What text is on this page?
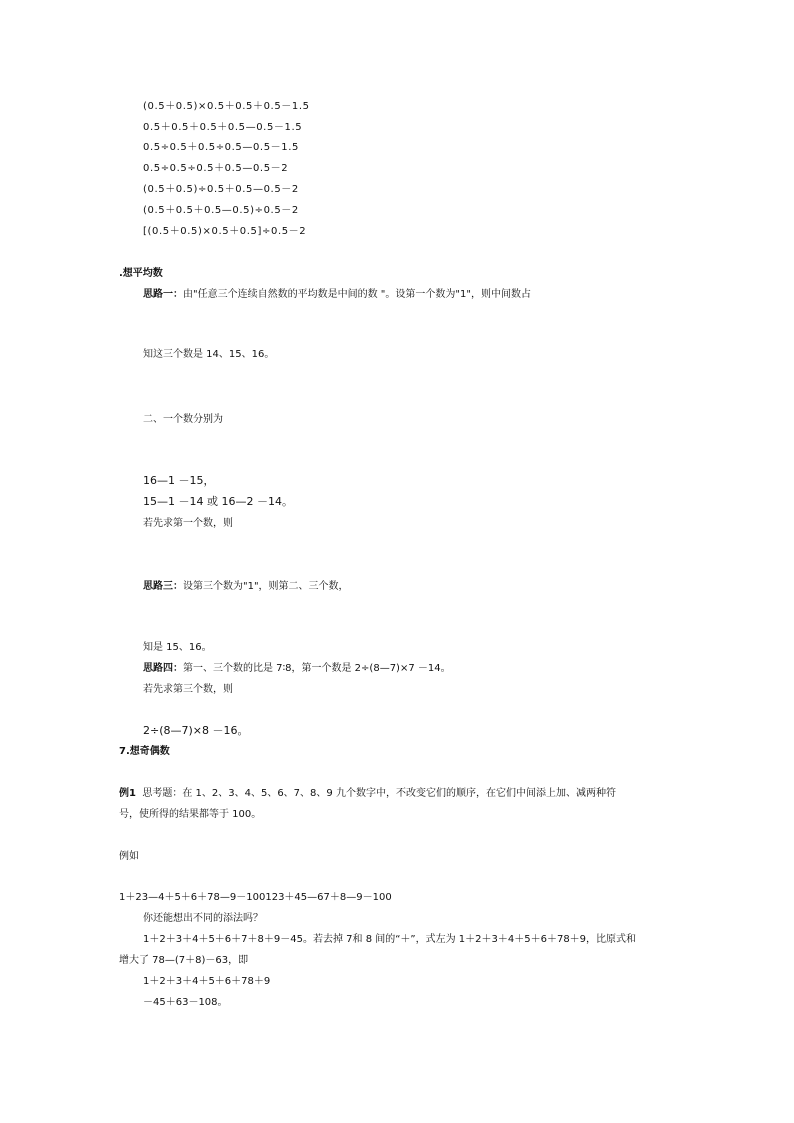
(0.5＋0.5)×0.5＋0.5＋0.5－1.5
0.5＋0.5＋0.5＋0.5—0.5－1.5
0.5÷0.5＋0.5÷0.5—0.5－1.5
0.5÷0.5÷0.5＋0.5—0.5－2
(0.5＋0.5)÷0.5＋0.5—0.5－2
(0.5＋0.5＋0.5—0.5)÷0.5－2
[(0.5＋0.5)×0.5＋0.5]÷0.5－2
.想平均数
思路一：由"任意三个连续自然数的平均数是中间的数 "。设第一个数为"1"，则中间数占
知这三个数是 14、15、16。
二、一个数分别为
16—1 －15，
15—1 －14 或 16—2 －14。
若先求第一个数，则
思路三：设第三个数为"1"，则第二、三个数，
知是 15、16。
思路四：第一、三个数的比是 7∶8，第一个数是 2÷(8—7)×7 －14。
若先求第三个数，则
2÷(8—7)×8 －16。
7.想奇偶数
例1 思考题：在 1、2、3、4、5、6、7、8、9 九个数字中，不改变它们的顺序，在它们中间添上加、减两种符
号，使所得的结果都等于 100。
例如
1＋23—4＋5＋6＋78—9－100123＋45—67＋8—9－100
你还能想出不同的添法吗？
1＋2＋3＋4＋5＋6＋7＋8＋9－45。若去掉 7和 8 间的“＋”，式左为 1＋2＋3＋4＋5＋6＋78＋9，比原式和
增大了 78—(7＋8)－63，即
1＋2＋3＋4＋5＋6＋78＋9
－45＋63－108。
